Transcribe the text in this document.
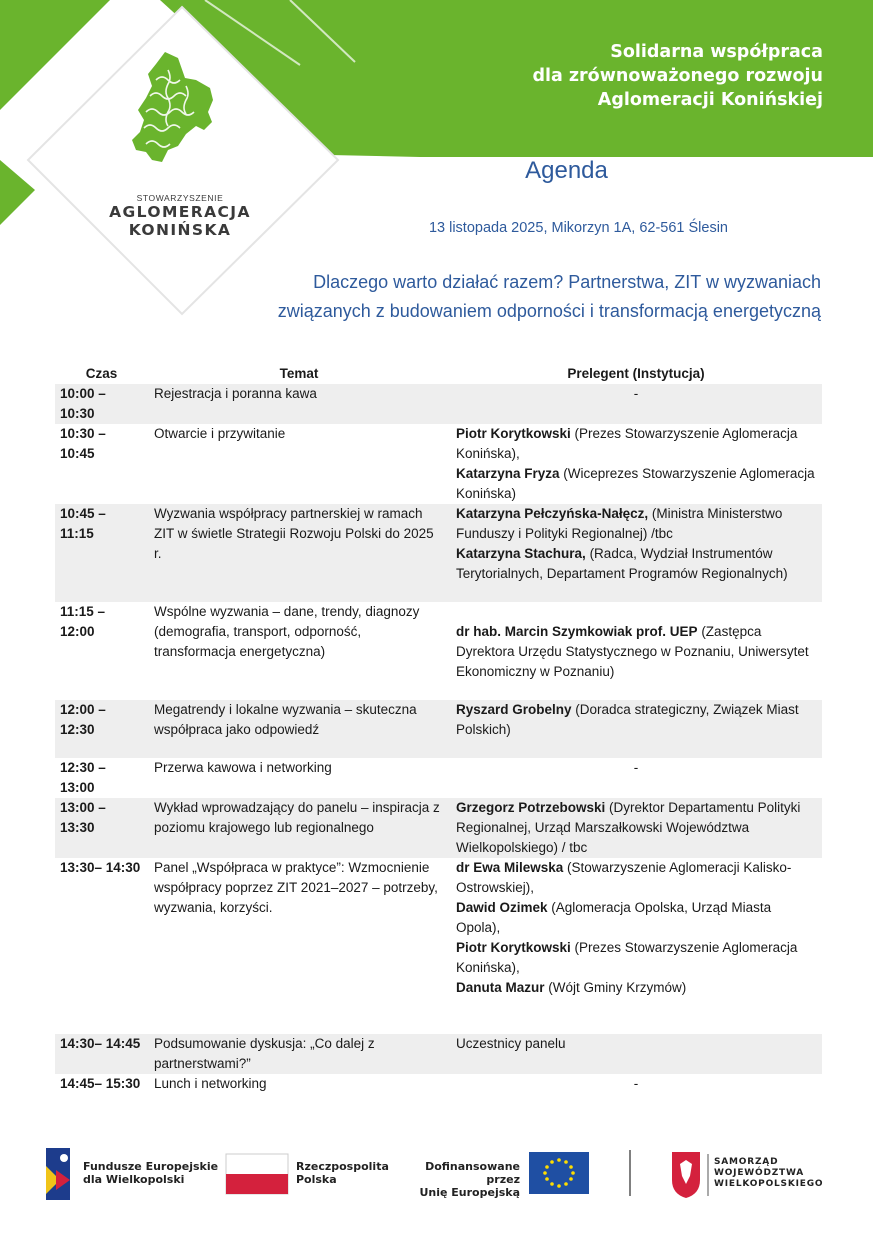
Solidarna współpraca
dla zrównoważonego rozwoju
Aglomeracji Konińskiej
STOWARZYSZENIE
AGLOMERACJA
KONIŃSKA
Agenda
13 listopada 2025, Mikorzyn 1A, 62-561 Ślesin
Dlaczego warto działać razem? Partnerstwa, ZIT w wyzwaniach
związanych z budowaniem odporności i transformacją energetyczną
Czas	Temat	Prelegent (Instytucja)
10:00 – 10:30	Rejestracja i poranna kawa	-
10:30 – 10:45	Otwarcie i przywitanie	Piotr Korytkowski (Prezes Stowarzyszenie Aglomeracja Konińska),
Katarzyna Fryza (Wiceprezes Stowarzyszenie Aglomeracja Konińska)
10:45 – 11:15	Wyzwania współpracy partnerskiej w ramach ZIT w świetle Strategii Rozwoju Polski do 2025 r.	Katarzyna Pełczyńska-Nałęcz, (Ministra Ministerstwo Funduszy i Polityki Regionalnej) /tbc
Katarzyna Stachura, (Radca, Wydział Instrumentów Terytorialnych, Departament Programów Regionalnych)
11:15 – 12:00	Wspólne wyzwania – dane, trendy, diagnozy
(demografia, transport, odporność, transformacja energetyczna)	dr hab. Marcin Szymkowiak prof. UEP (Zastępca Dyrektora Urzędu Statystycznego w Poznaniu, Uniwersytet Ekonomiczny w Poznaniu)
12:00 – 12:30	Megatrendy i lokalne wyzwania – skuteczna współpraca jako odpowiedź	Ryszard Grobelny (Doradca strategiczny, Związek Miast Polskich)
12:30 – 13:00	Przerwa kawowa i networking	-
13:00 – 13:30	Wykład wprowadzający do panelu – inspiracja z poziomu krajowego lub regionalnego	Grzegorz Potrzebowski (Dyrektor Departamentu Polityki Regionalnej, Urząd Marszałkowski Województwa Wielkopolskiego) / tbc
13:30– 14:30	Panel „Współpraca w praktyce”: Wzmocnienie współpracy poprzez ZIT 2021–2027 – potrzeby, wyzwania, korzyści.	dr Ewa Milewska (Stowarzyszenie Aglomeracji Kalisko-Ostrowskiej),
Dawid Ozimek (Aglomeracja Opolska, Urząd Miasta Opola),
Piotr Korytkowski (Prezes Stowarzyszenie Aglomeracja Konińska),
Danuta Mazur (Wójt Gminy Krzymów)
14:30– 14:45	Podsumowanie dyskusja: „Co dalej z partnerstwami?”	Uczestnicy panelu
14:45– 15:30	Lunch i networking	-
Fundusze Europejskie
dla Wielkopolski
Rzeczpospolita
Polska
Dofinansowane przez
Unię Europejską
SAMORZĄD
WOJEWÓDZTWA
WIELKOPOLSKIEGO
